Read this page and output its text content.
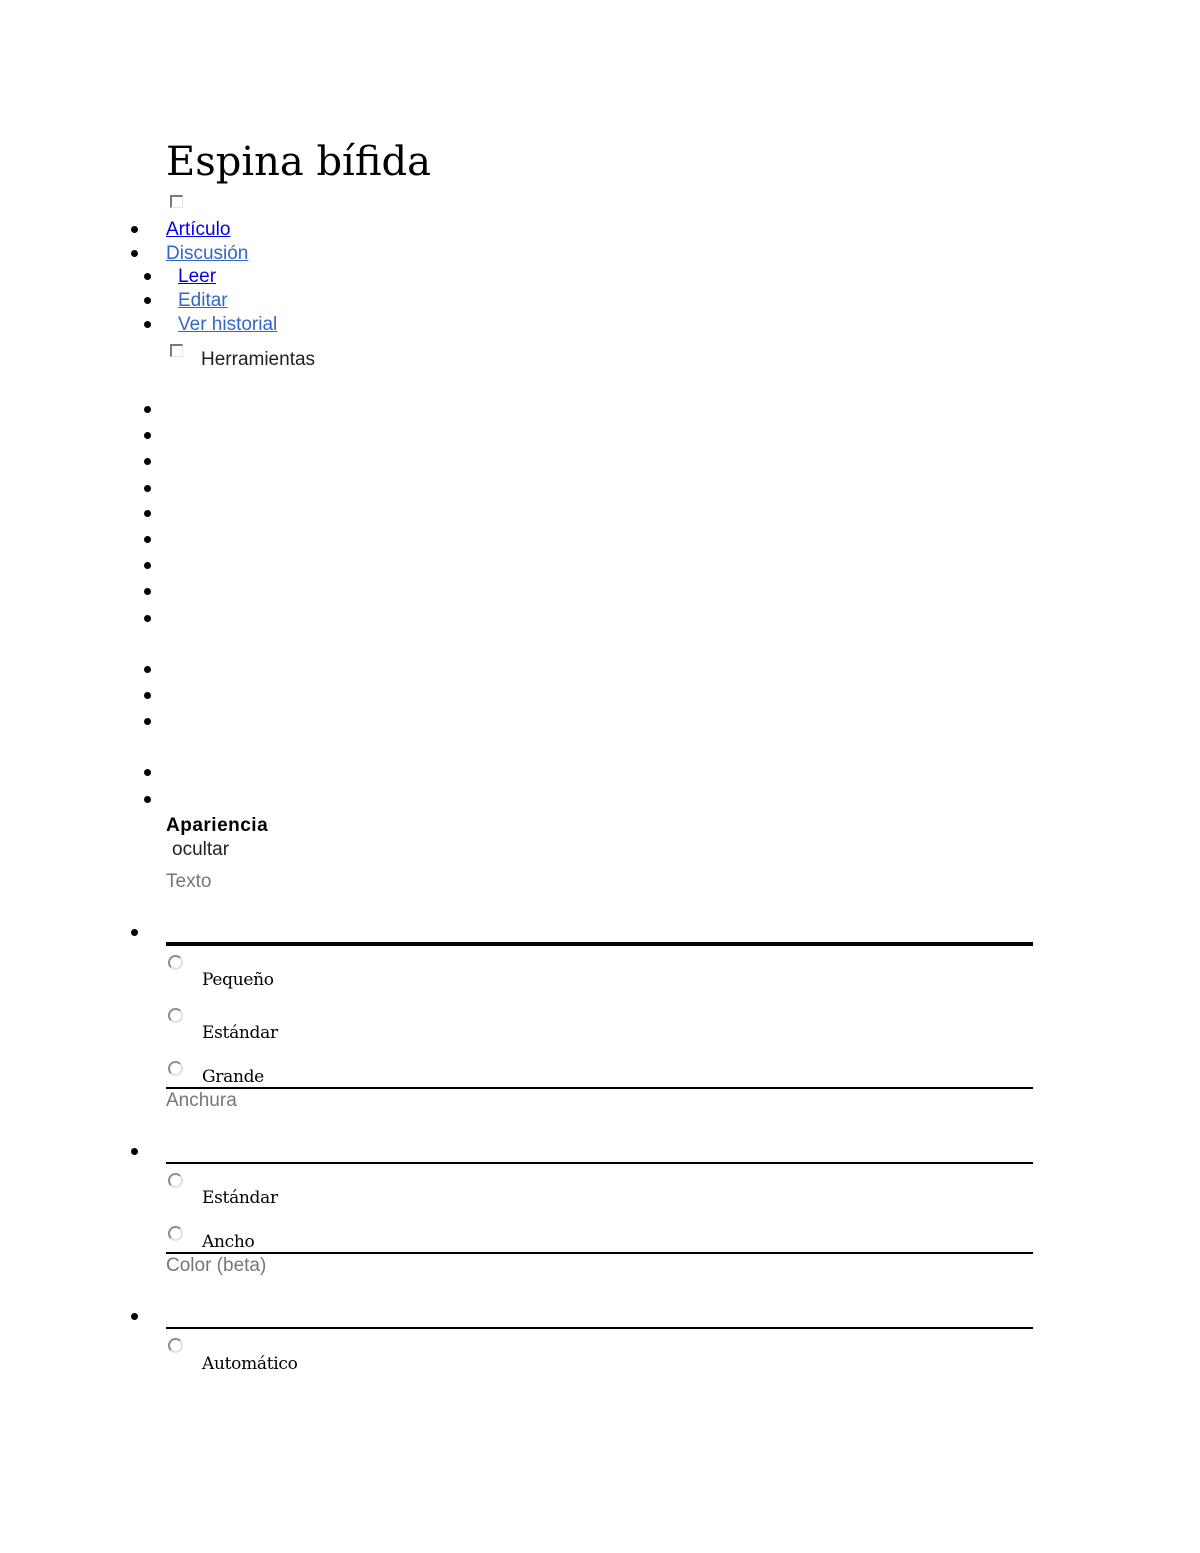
Espina bífida
Artículo
Discusión
Leer
Editar
Ver historial
Herramientas
Apariencia
ocultar
Texto
Pequeño
Estándar
Grande
Anchura
Estándar
Ancho
Color (beta)
Automático
